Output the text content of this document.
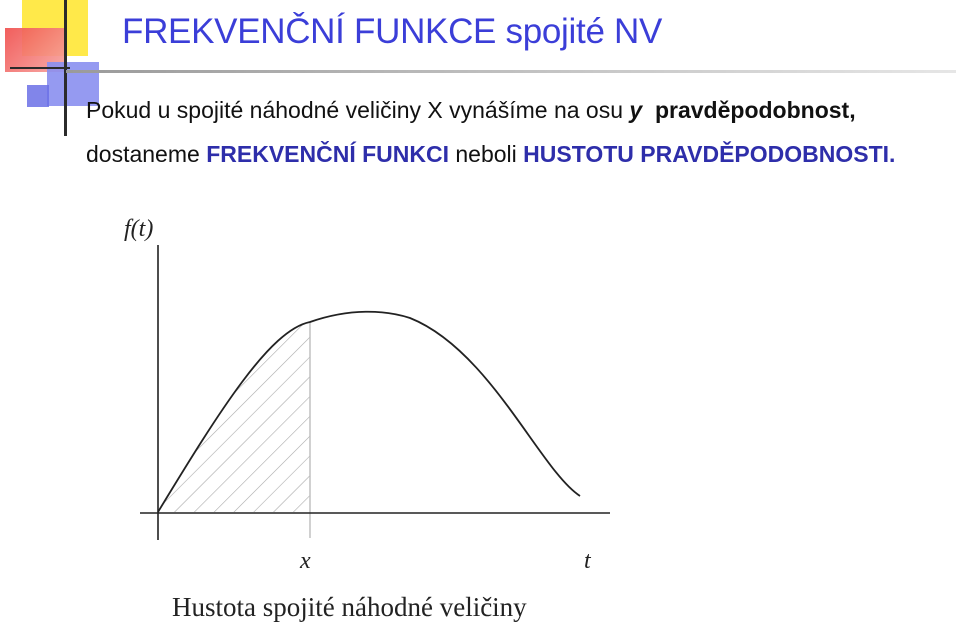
FREKVENČNÍ FUNKCE spojité NV
Pokud u spojité náhodné veličiny X vynášíme na osu y pravděpodobnost,
dostaneme FREKVENČNÍ FUNKCI neboli HUSTOTU PRAVDĚPODOBNOSTI.
f(t)
x	t
Hustota spojité náhodné veličiny
